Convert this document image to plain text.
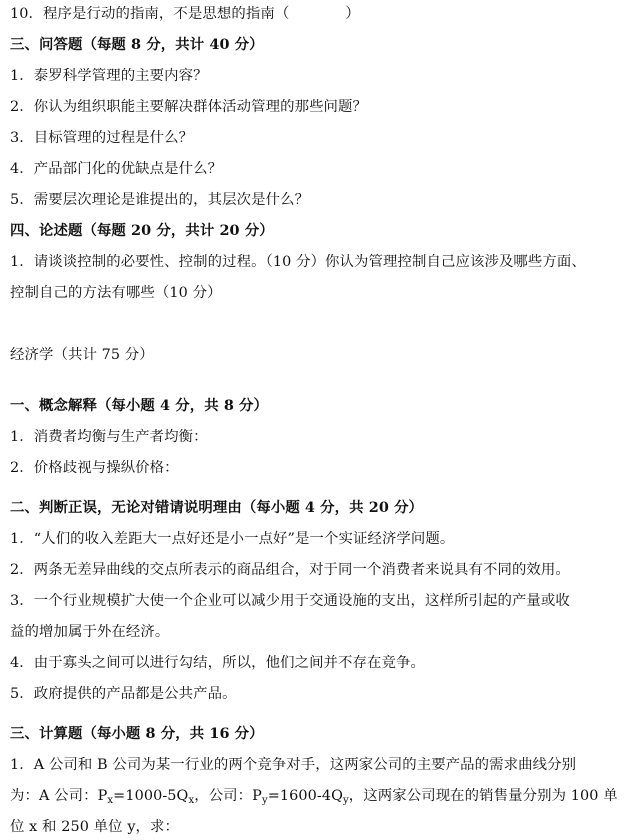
10．程序是行动的指南，不是思想的指南（	）
三、问答题（每题 8 分，共计 40 分）
1．泰罗科学管理的主要内容？
2．你认为组织职能主要解决群体活动管理的那些问题？
3．目标管理的过程是什么？
4．产品部门化的优缺点是什么？
5．需要层次理论是谁提出的，其层次是什么？
四、论述题（每题 20 分，共计 20 分）
1．请谈谈控制的必要性、控制的过程。（10 分）你认为管理控制自己应该涉及哪些方面、
控制自己的方法有哪些（10 分）
经济学（共计 75 分）
一、概念解释（每小题 4 分，共 8 分）
1．消费者均衡与生产者均衡：
2．价格歧视与操纵价格：
二、判断正误，无论对错请说明理由（每小题 4 分，共 20 分）
1．“人们的收入差距大一点好还是小一点好”是一个实证经济学问题。
2．两条无差异曲线的交点所表示的商品组合，对于同一个消费者来说具有不同的效用。
3．一个行业规模扩大使一个企业可以减少用于交通设施的支出，这样所引起的产量或收
益的增加属于外在经济。
4．由于寡头之间可以进行勾结，所以，他们之间并不存在竞争。
5．政府提供的产品都是公共产品。
三、计算题（每小题 8 分，共 16 分）
1．A 公司和 B 公司为某一行业的两个竞争对手，这两家公司的主要产品的需求曲线分别
为：A 公司：$P_x=1000-5Q_x$，公司：$P_y=1600-4Q_y$，这两家公司现在的销售量分别为 100 单
位 x 和 250 单位 y，求：
